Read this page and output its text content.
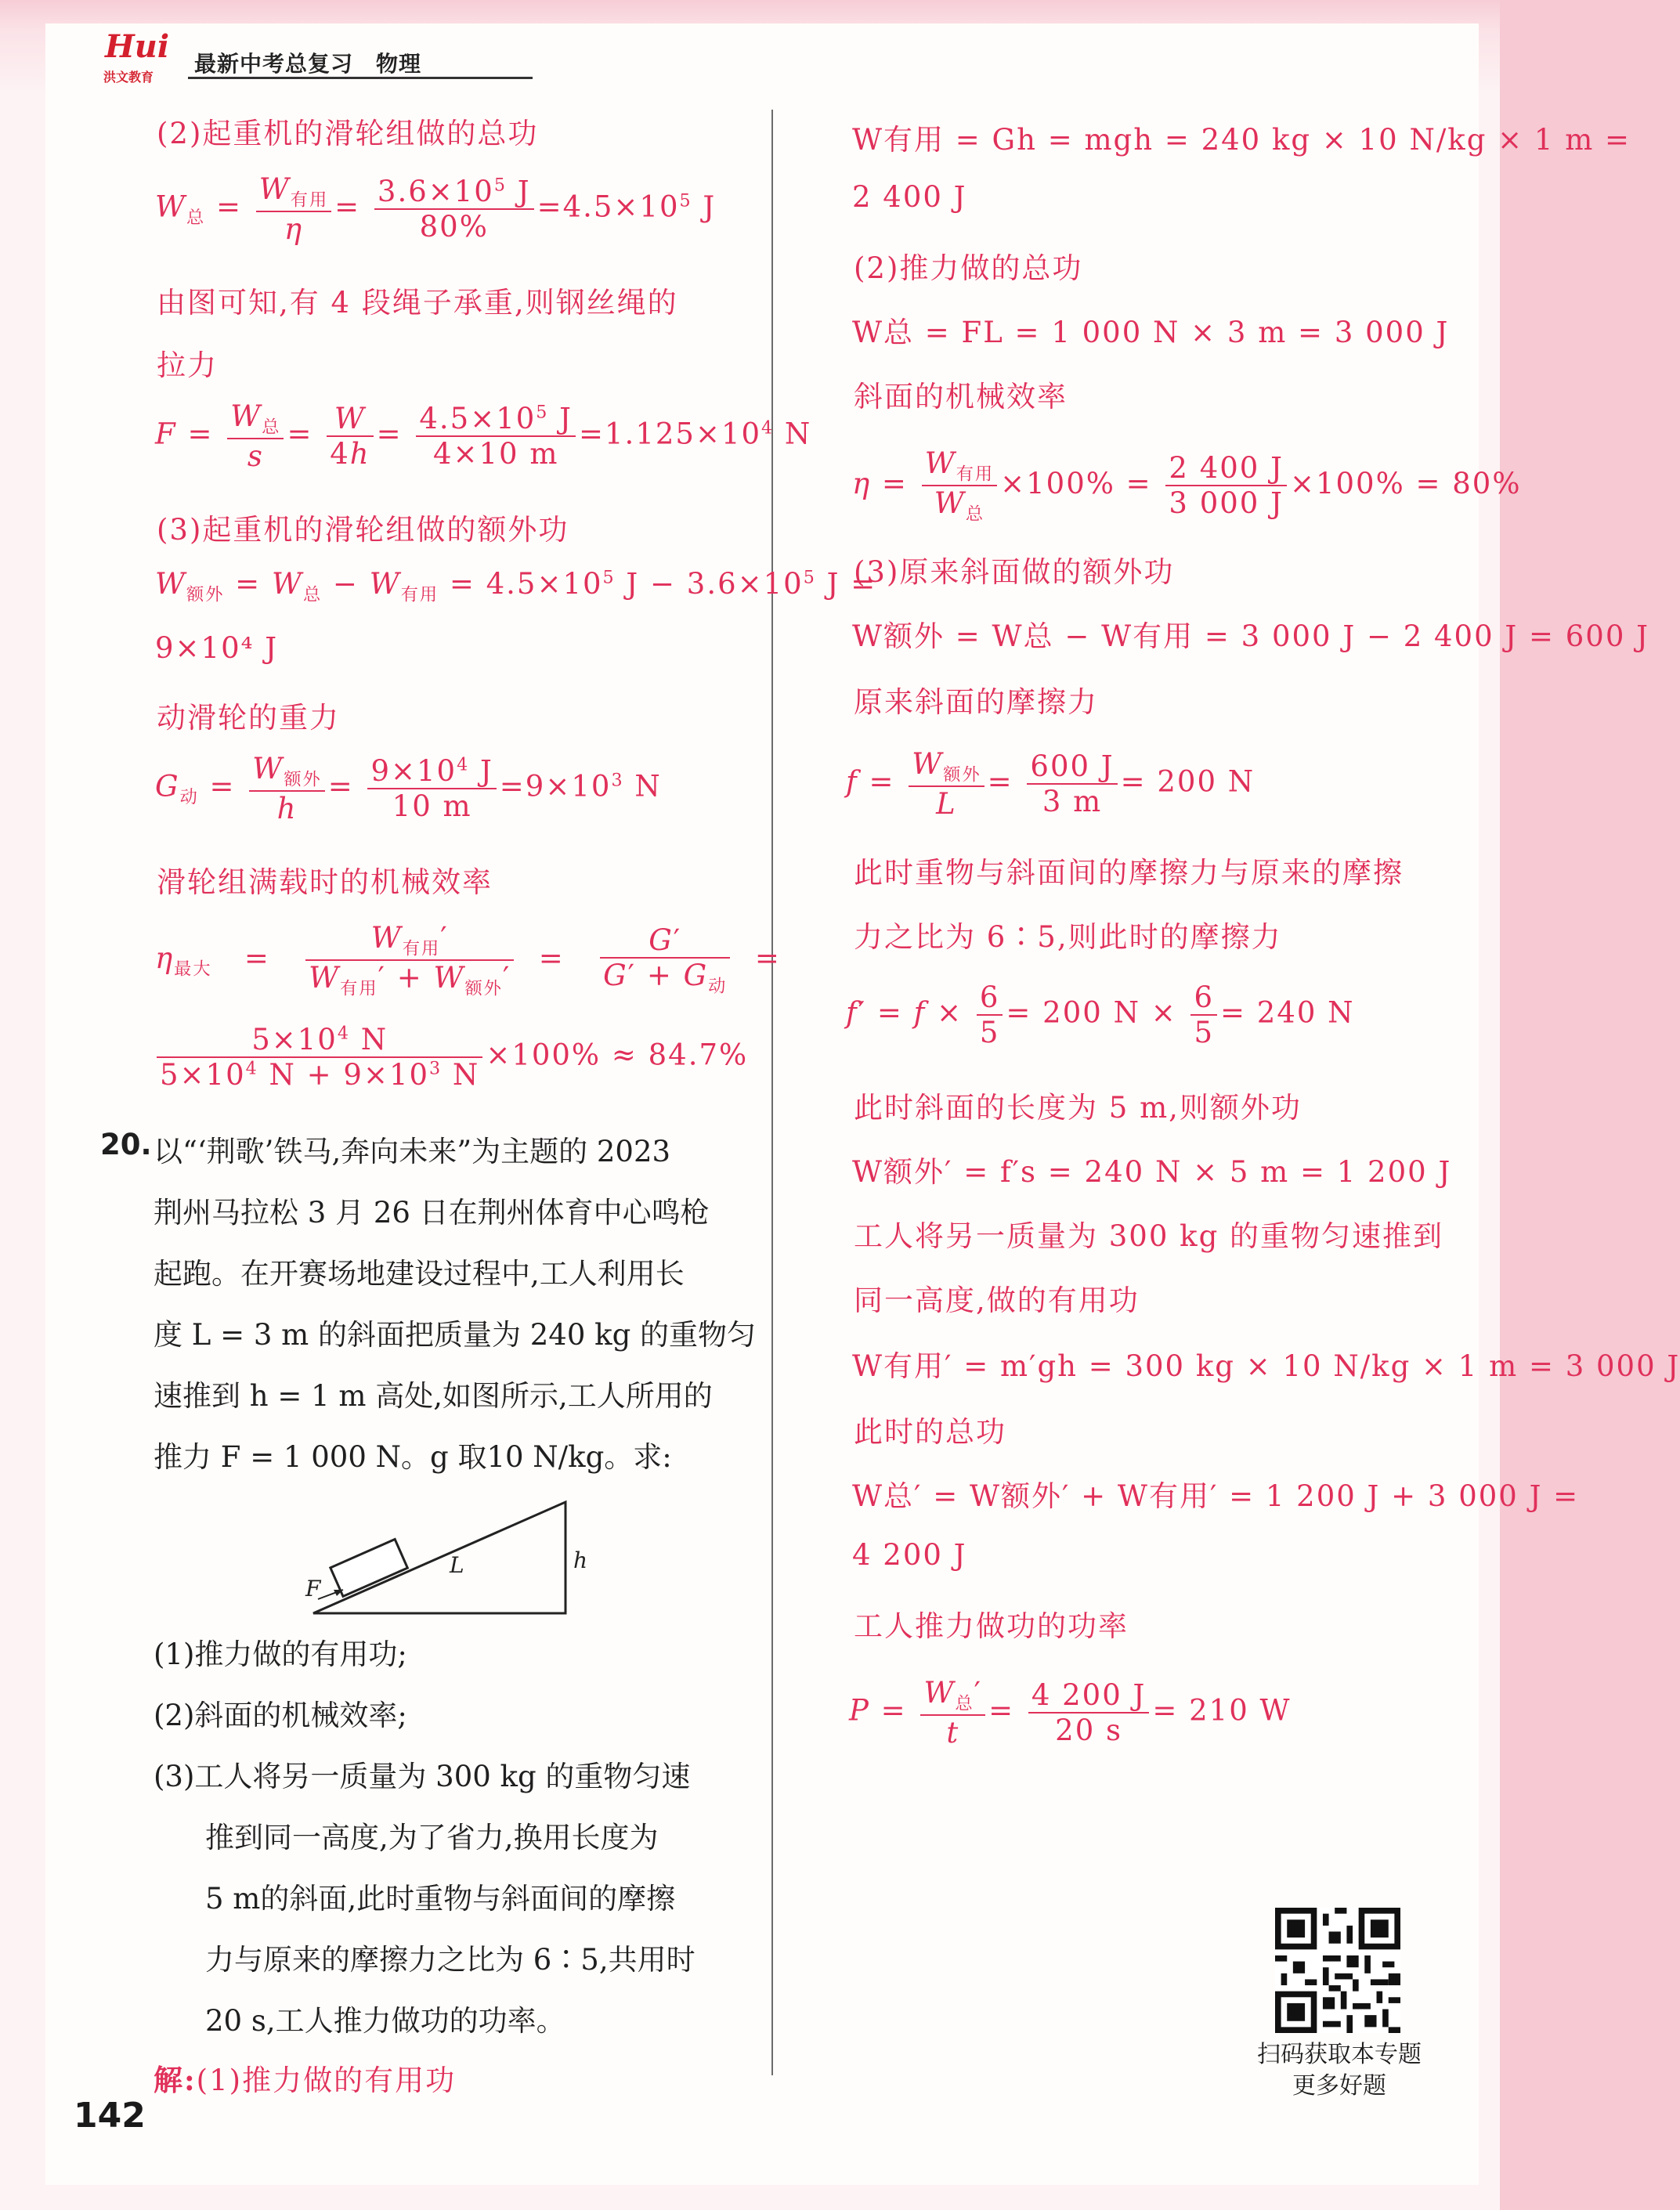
Hui
洪文教育
最新中考总复习　物理
(2)起重机的滑轮组做的总功
$W_总 = \frac{W_{有用}}{\eta} = \frac{3.6\times 10^5 J}{80\%} =4.5\times 10^5$ J
由图可知,有 4 段绳子承重,则钢丝绳的
拉力
$F = \frac{W_总}{s} = \frac{W}{4h} = \frac{4.5\times 10^5 J}{4\times 10 m} =1.125\times 10^4$ N
(3)起重机的滑轮组做的额外功
$W_{额外} = W_总 - W_{有用} = 4.5\times 10^5$ $J - 3.6\times 10^5$ J =
9×10⁴ J
动滑轮的重力
$G_动 = \frac{W_{额外}}{h} = \frac{9\times 10^4 J}{10 m} =9\times 10^3$ N
滑轮组满载时的机械效率
$\eta_{最大} = \frac{W_{有用}'}{W_{有用}' + W_{额外}'} = \frac{G'}{G' + G_动}$ =
$\frac{5\times 10^4 N}{5\times 10^4 N + 9\times 10^3 N} \times 100\% \approx 84.7\%$
20. 以“‘荆歌’铁马,奔向未来”为主题的 2023
荆州马拉松 3 月 26 日在荆州体育中心鸣枪
起跑。在开赛场地建设过程中,工人利用长
度 L = 3 m 的斜面把质量为 240 kg 的重物匀
速推到 h = 1 m 高处,如图所示,工人所用的
推力 F = 1 000 N。g 取10 N/kg。求:
F
L	h
(1)推力做的有用功;
(2)斜面的机械效率;
(3)工人将另一质量为 300 kg 的重物匀速
推到同一高度,为了省力,换用长度为
5 m的斜面,此时重物与斜面间的摩擦
力与原来的摩擦力之比为 6∶5,共用时
20 s,工人推力做功的功率。
解:(1)推力做的有用功
W有用 = Gh = mgh = 240 kg × 10 N/kg × 1 m =
2 400 J
(2)推力做的总功
W总 = FL = 1 000 N × 3 m = 3 000 J
斜面的机械效率
$\eta = \frac{W_{有用}}{W_总} \times 100\% = \frac{2 400 J}{3 000 J} \times 100\% = 80\%$
(3)原来斜面做的额外功
W额外 = W总 − W有用 = 3 000 J − 2 400 J = 600 J
原来斜面的摩擦力
$f = \frac{W_{额外}}{L} = \frac{600 J}{3 m} = 200$ N
此时重物与斜面间的摩擦力与原来的摩擦
力之比为 6∶5,则此时的摩擦力
$f' = f \times \frac{6}{5} = 200$ $N \times \frac{6}{5} = 240$ N
此时斜面的长度为 5 m,则额外功
W额外′ = f′s = 240 N × 5 m = 1 200 J
工人将另一质量为 300 kg 的重物匀速推到
同一高度,做的有用功
W有用′ = m′gh = 300 kg × 10 N/kg × 1 m = 3 000 J
此时的总功
W总′ = W额外′ + W有用′ = 1 200 J + 3 000 J =
4 200 J
工人推力做功的功率
$P = \frac{W_总'}{t} = \frac{4 200 J}{20 s} = 210$ W
扫码获取本专题
更多好题
142
